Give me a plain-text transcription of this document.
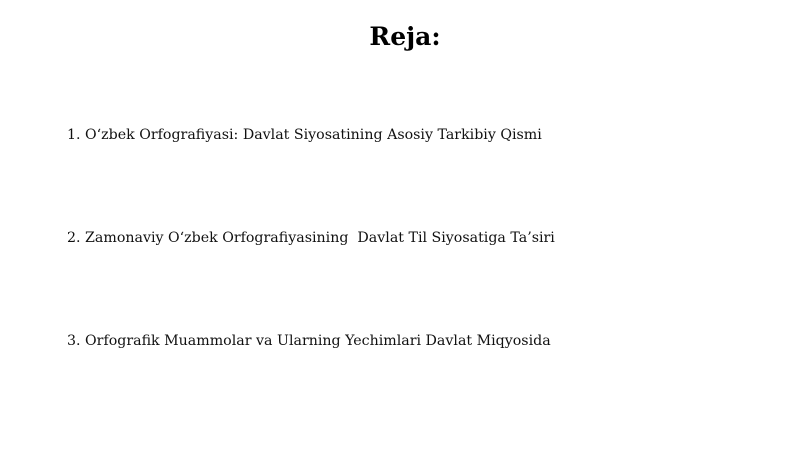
Reja:
1. O‘zbek Orfografiyasi: Davlat Siyosatining Asosiy Tarkibiy Qismi
2. Zamonaviy O‘zbek Orfografiyasining  Davlat Til Siyosatiga Ta’siri
3. Orfografik Muammolar va Ularning Yechimlari Davlat Miqyosida
